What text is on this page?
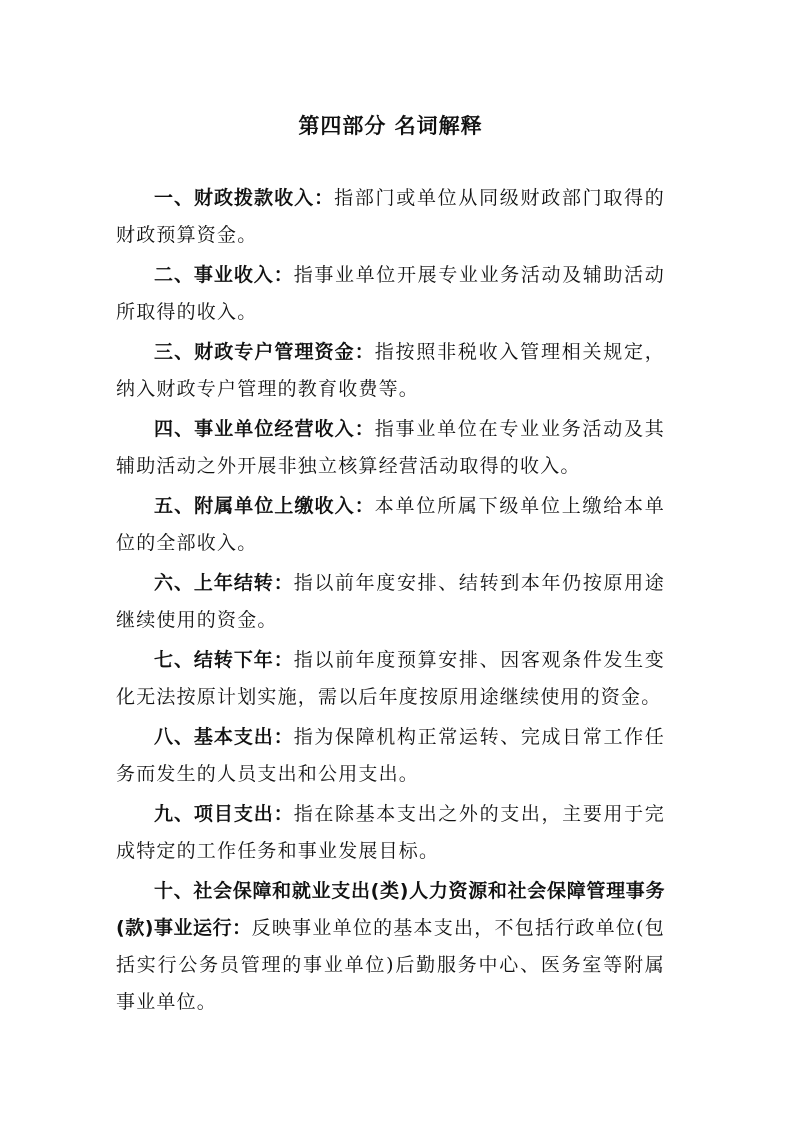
第四部分 名词解释

一、财政拨款收入：指部门或单位从同级财政部门取得的财政预算资金。

二、事业收入：指事业单位开展专业业务活动及辅助活动所取得的收入。

三、财政专户管理资金：指按照非税收入管理相关规定，纳入财政专户管理的教育收费等。

四、事业单位经营收入：指事业单位在专业业务活动及其辅助活动之外开展非独立核算经营活动取得的收入。

五、附属单位上缴收入：本单位所属下级单位上缴给本单位的全部收入。

六、上年结转：指以前年度安排、结转到本年仍按原用途继续使用的资金。

七、结转下年：指以前年度预算安排、因客观条件发生变化无法按原计划实施，需以后年度按原用途继续使用的资金。

八、基本支出：指为保障机构正常运转、完成日常工作任务而发生的人员支出和公用支出。

九、项目支出：指在除基本支出之外的支出，主要用于完成特定的工作任务和事业发展目标。

十、社会保障和就业支出(类)人力资源和社会保障管理事务(款)事业运行：反映事业单位的基本支出，不包括行政单位(包括实行公务员管理的事业单位)后勤服务中心、医务室等附属事业单位。
